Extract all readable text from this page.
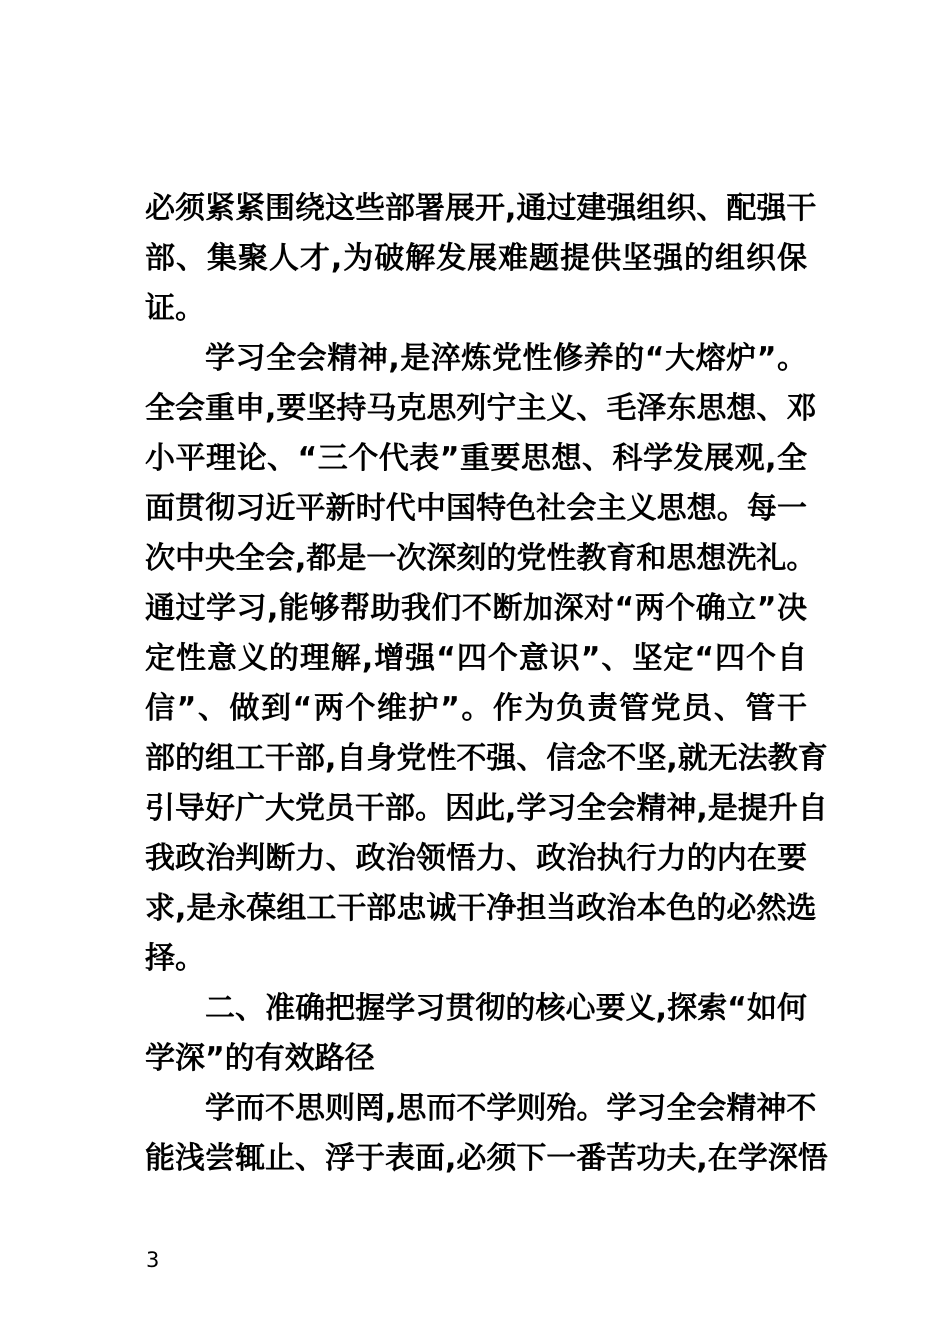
必须紧紧围绕这些部署展开,通过建强组织、配强干
部、集聚人才,为破解发展难题提供坚强的组织保
证。
学习全会精神,是淬炼党性修养的“大熔炉”。
全会重申,要坚持马克思列宁主义、毛泽东思想、邓
小平理论、“三个代表”重要思想、科学发展观,全
面贯彻习近平新时代中国特色社会主义思想。每一
次中央全会,都是一次深刻的党性教育和思想洗礼。
通过学习,能够帮助我们不断加深对“两个确立”决
定性意义的理解,增强“四个意识”、坚定“四个自
信”、做到“两个维护”。作为负责管党员、管干
部的组工干部,自身党性不强、信念不坚,就无法教育
引导好广大党员干部。因此,学习全会精神,是提升自
我政治判断力、政治领悟力、政治执行力的内在要
求,是永葆组工干部忠诚干净担当政治本色的必然选
择。
二、准确把握学习贯彻的核心要义,探索“如何
学深”的有效路径
学而不思则罔,思而不学则殆。学习全会精神不
能浅尝辄止、浮于表面,必须下一番苦功夫,在学深悟
3
